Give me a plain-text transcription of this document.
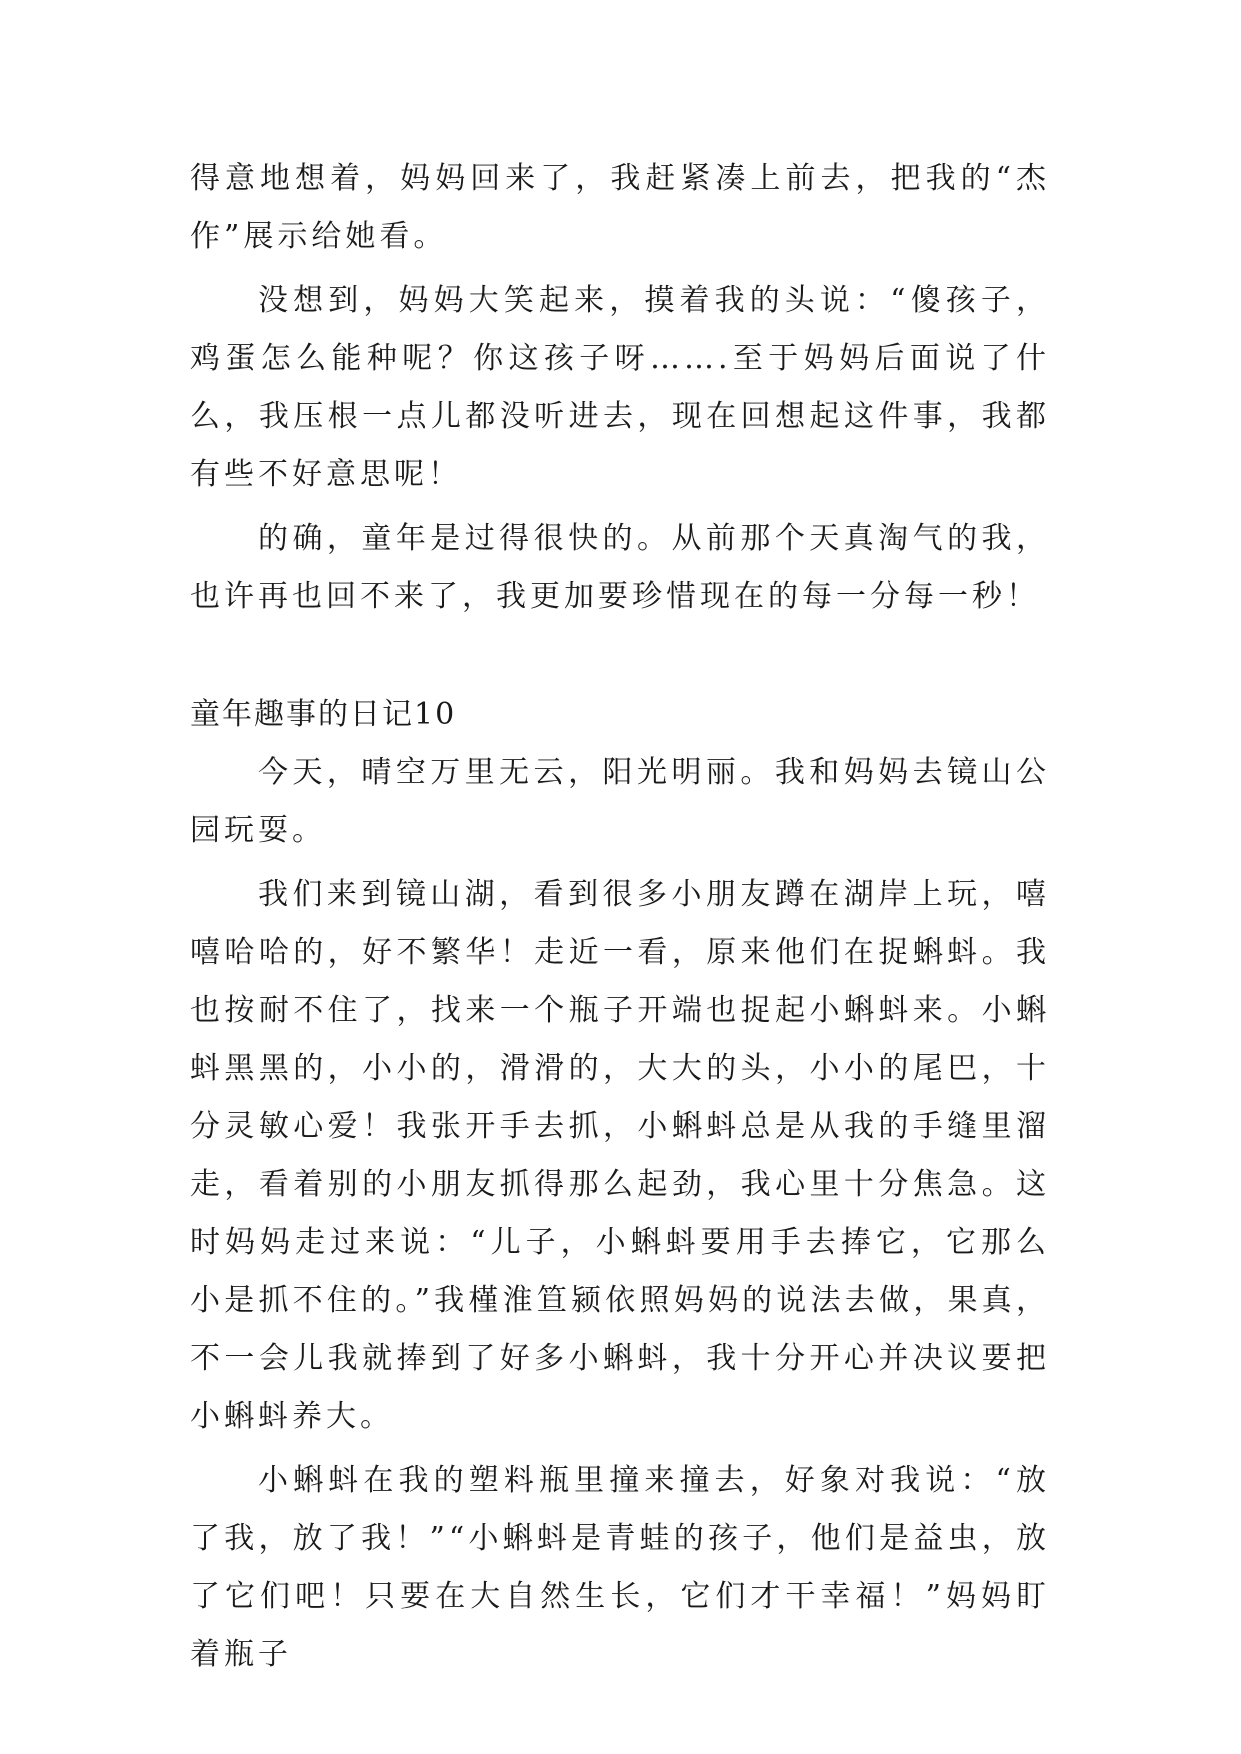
得意地想着，妈妈回来了，我赶紧凑上前去，把我的“杰作”展示给她看。

没想到，妈妈大笑起来，摸着我的头说：“傻孩子，鸡蛋怎么能种呢？你这孩子呀…….至于妈妈后面说了什么，我压根一点儿都没听进去，现在回想起这件事，我都有些不好意思呢！

的确，童年是过得很快的。从前那个天真淘气的我，也许再也回不来了，我更加要珍惜现在的每一分每一秒！

童年趣事的日记10

今天，晴空万里无云，阳光明丽。我和妈妈去镜山公园玩耍。

我们来到镜山湖，看到很多小朋友蹲在湖岸上玩，嘻嘻哈哈的，好不繁华！走近一看，原来他们在捉蝌蚪。我也按耐不住了，找来一个瓶子开端也捉起小蝌蚪来。小蝌蚪黑黑的，小小的，滑滑的，大大的头，小小的尾巴，十分灵敏心爱！我张开手去抓，小蝌蚪总是从我的手缝里溜走，看着别的小朋友抓得那么起劲，我心里十分焦急。这时妈妈走过来说：“儿子，小蝌蚪要用手去捧它，它那么小是抓不住的。”我槿淮笪颍依照妈妈的说法去做，果真，不一会儿我就捧到了好多小蝌蚪，我十分开心并决议要把小蝌蚪养大。

小蝌蚪在我的塑料瓶里撞来撞去，好象对我说：“放了我，放了我！”“小蝌蚪是青蛙的孩子，他们是益虫，放了它们吧！只要在大自然生长，它们才干幸福！”妈妈盯着瓶子
